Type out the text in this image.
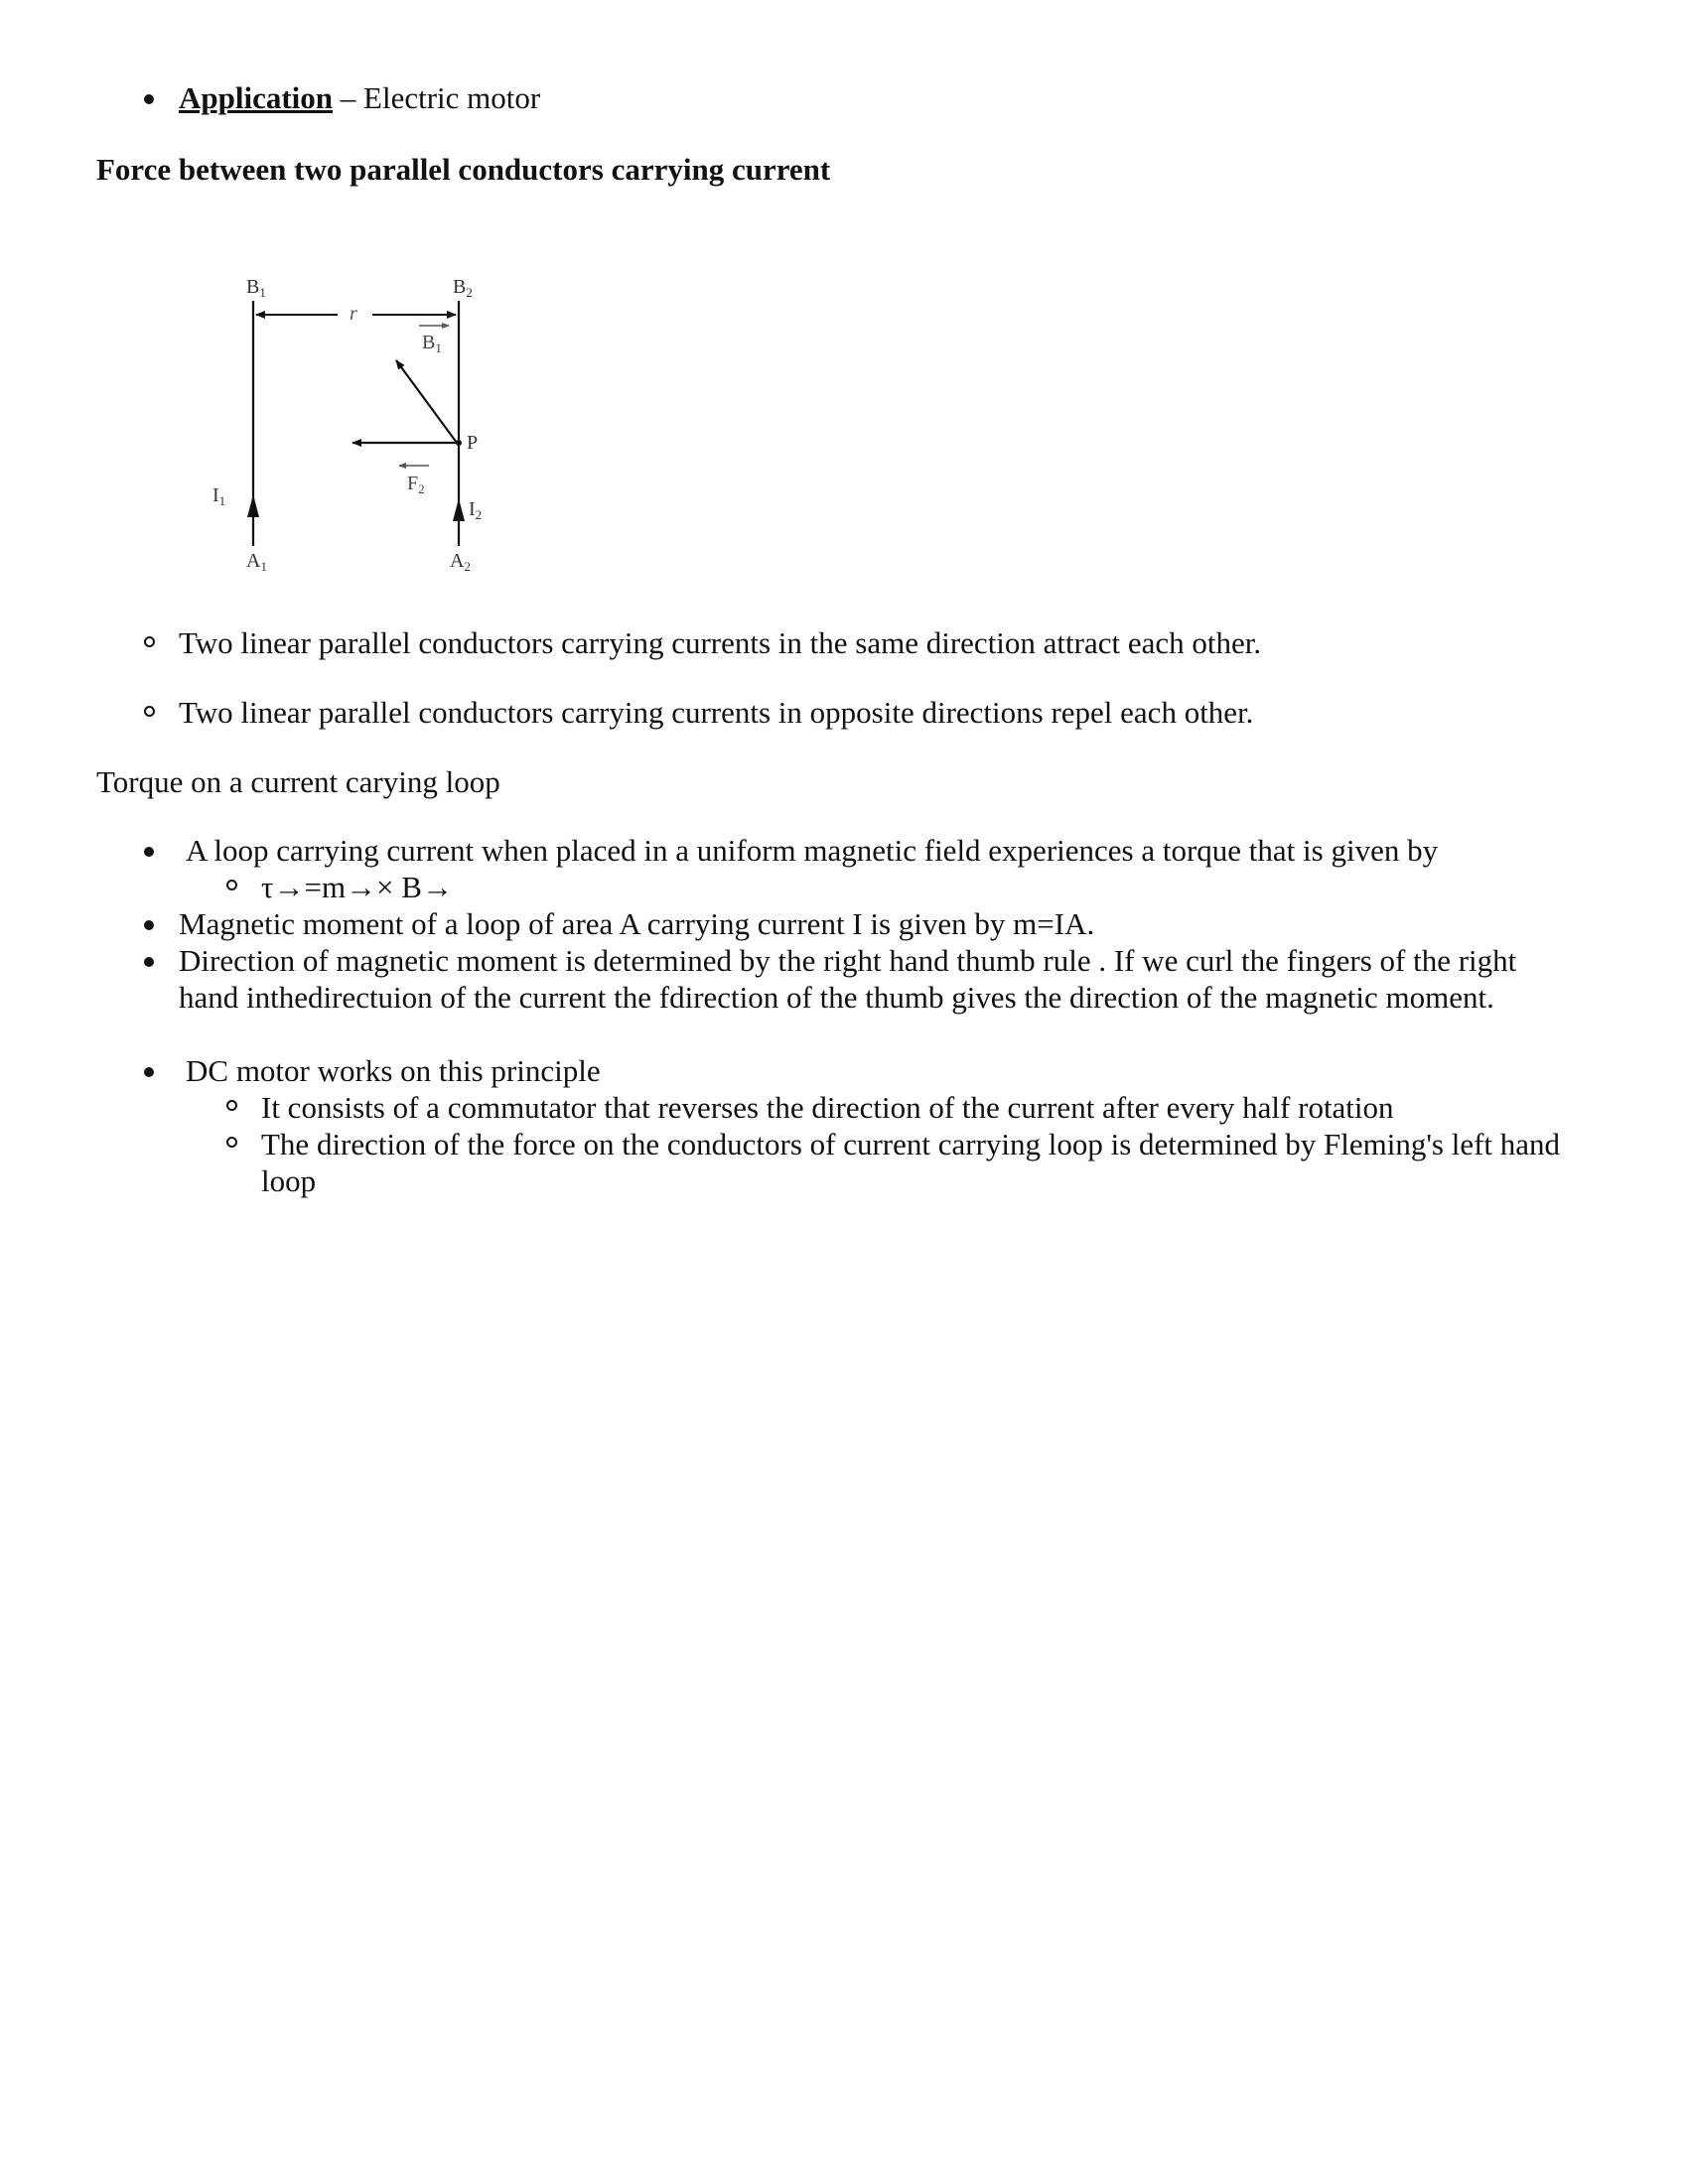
Application – Electric motor
Force between two parallel conductors carrying current
$B_1$	$B_2$
r
$B_1$
P
$F_2$
$I_1$	$I_2$
$A_1$	$A_2$
Two linear parallel conductors carrying currents in the same direction attract each other.
Two linear parallel conductors carrying currents in opposite directions repel each other.
Torque on a current carying loop
A loop carrying current when placed in a uniform magnetic field experiences a torque that is given by
τ→=m→× B→
Magnetic moment of a loop of area A carrying current I is given by m=IA.
Direction of magnetic moment is determined by the right hand thumb rule . If we curl the fingers of the right hand inthedirectuion of the current the fdirection of the thumb gives the direction of the magnetic moment.
DC motor works on this principle
It consists of a commutator that reverses the direction of the current after every half rotation
The direction of the force on the conductors of current carrying loop is determined by Fleming's left hand loop
